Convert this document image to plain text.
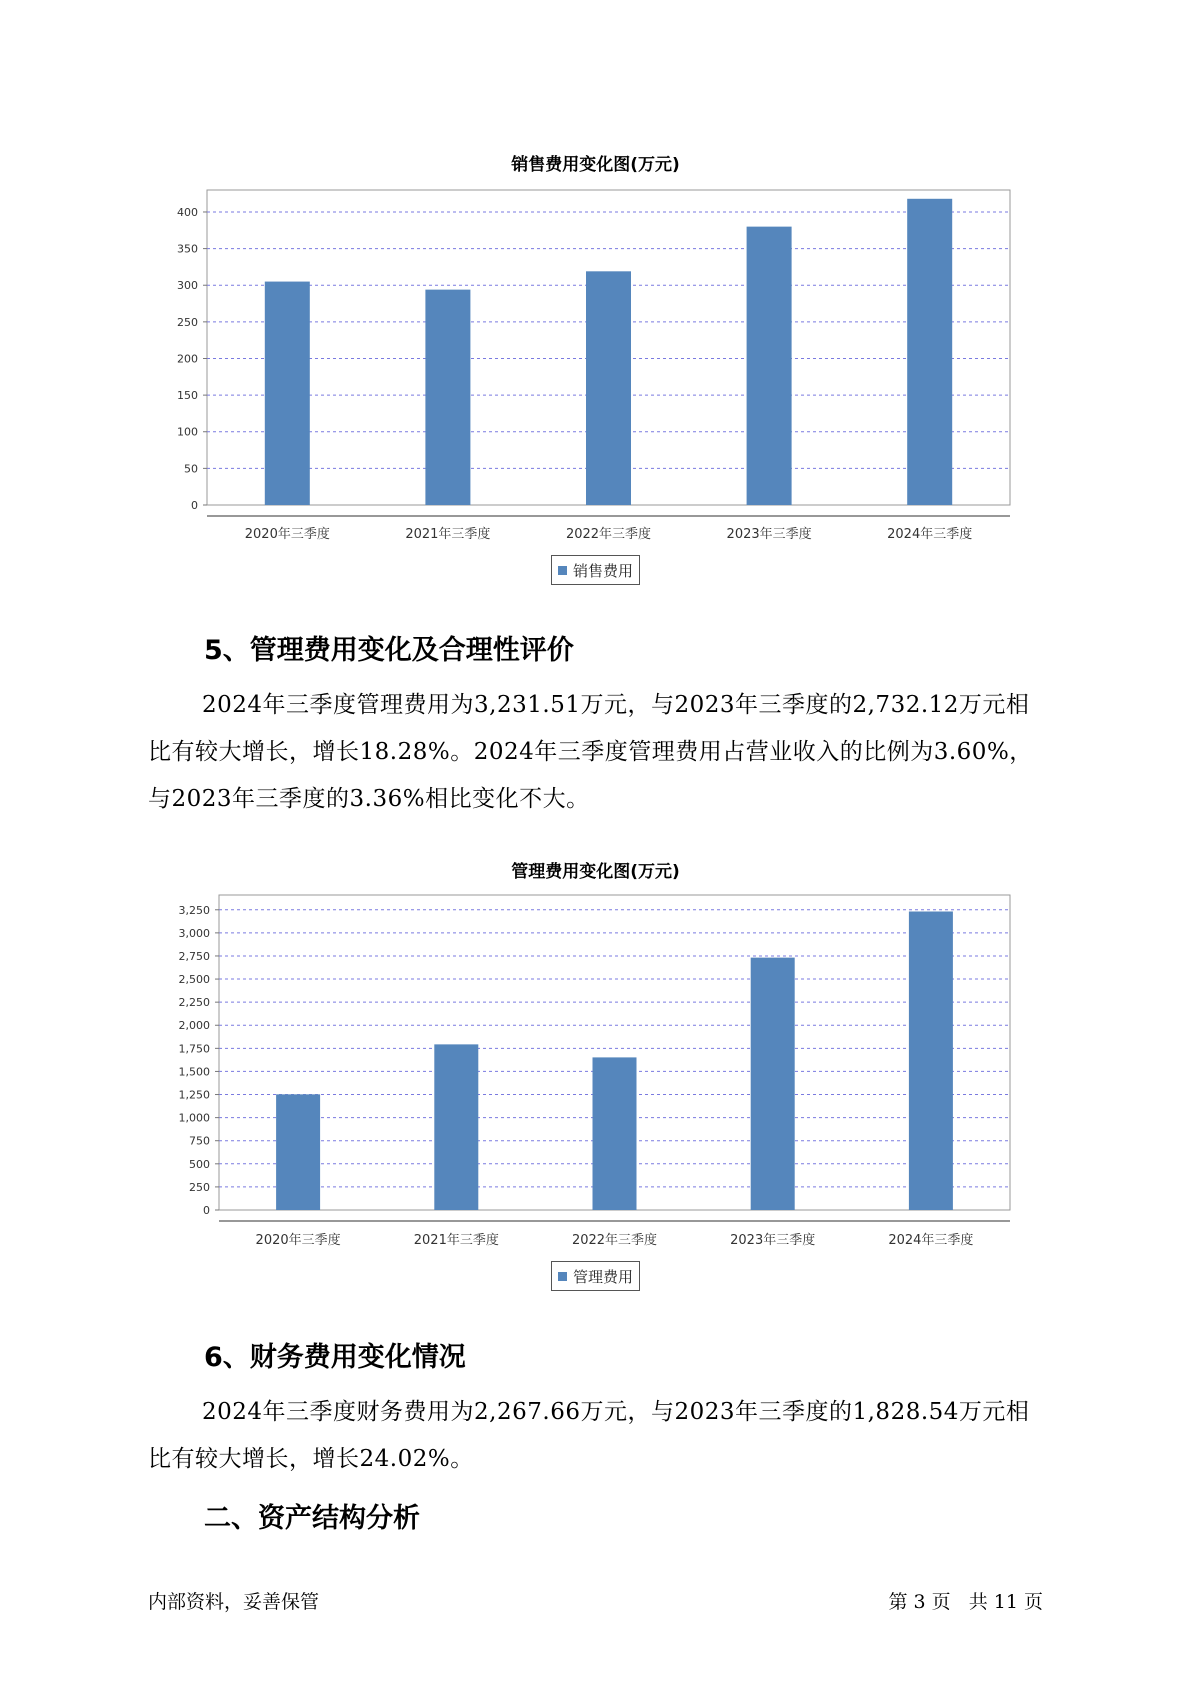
销售费用变化图(万元)
0
50
100
150
200
250
300
350
400
2020年三季度	2021年三季度	2022年三季度	2023年三季度	2024年三季度
销售费用
5、管理费用变化及合理性评价
2024年三季度管理费用为3,231.51万元，与2023年三季度的2,732.12万元相比有较大增长，增长18.28%。2024年三季度管理费用占营业收入的比例为3.60%，与2023年三季度的3.36%相比变化不大。
管理费用变化图(万元)
0
250
500
750
1,000
1,250
1,500
1,750
2,000
2,250
2,500
2,750
3,000
3,250
2020年三季度	2021年三季度	2022年三季度	2023年三季度	2024年三季度
管理费用
6、财务费用变化情况
2024年三季度财务费用为2,267.66万元，与2023年三季度的1,828.54万元相比有较大增长，增长24.02%。
二、资产结构分析
内部资料，妥善保管	第 3 页   共 11 页
